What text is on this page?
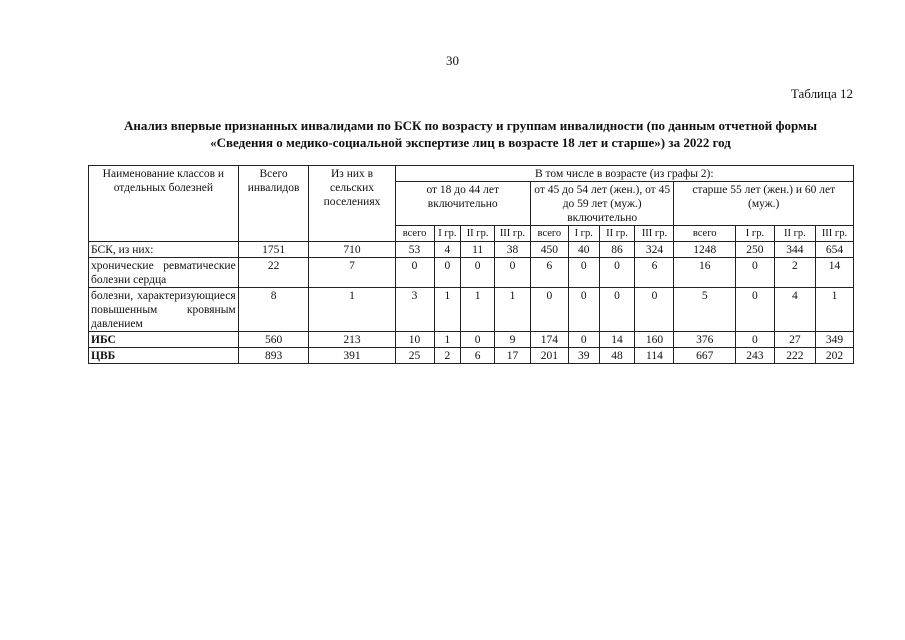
30
Таблица 12
Анализ впервые признанных инвалидами по БСК по возрасту и группам инвалидности (по данным отчетной формы
«Сведения о медико-социальной экспертизе лиц в возрасте 18 лет и старше») за 2022 год
Наименование классов и отдельных болезней	Всего инвалидов	Из них в сельских поселениях	В том числе в возрасте (из графы 2):											
			от 18 до 44 лет включительно				от 45 до 54 лет (жен.), от 45 до 59 лет (муж.) включительно				старше 55 лет (жен.) и 60 лет (муж.)			
			всего	I гр.	II гр.	III гр.	всего	I гр.	II гр.	III гр.	всего	I гр.	II гр.	III гр.
БСК, из них:	1751	710	53	4	11	38	450	40	86	324	1248	250	344	654
хронические ревматические болезни сердца	22	7	0	0	0	0	6	0	0	6	16	0	2	14
болезни, характеризующиеся повышенным кровяным давлением	8	1	3	1	1	1	0	0	0	0	5	0	4	1
ИБС	560	213	10	1	0	9	174	0	14	160	376	0	27	349
ЦВБ	893	391	25	2	6	17	201	39	48	114	667	243	222	202
